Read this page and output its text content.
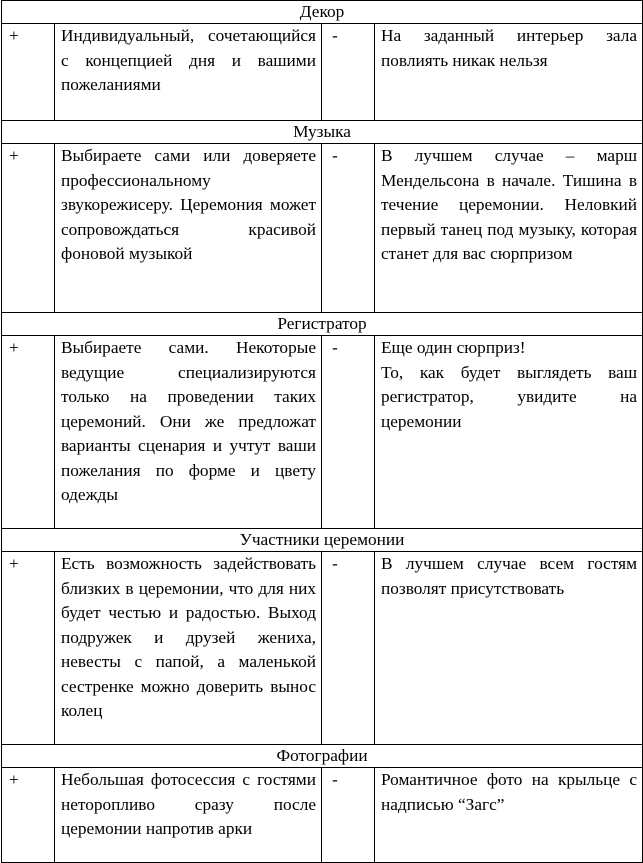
Декор			
+	Индивидуальный, сочетающийся с концепцией дня и вашими пожеланиями	-	На заданный интерьер зала повлиять никак нельзя
Музыка			
+	Выбираете сами или доверяете профессиональному звукорежисеру. Церемония может сопровождаться красивой фоновой музыкой	-	В лучшем случае – марш Мендельсона в начале. Тишина в течение церемонии. Неловкий первый танец под музыку, которая станет для вас сюрпризом
Регистратор			
+	Выбираете сами. Некоторые ведущие специализируются только на проведении таких церемоний. Они же предложат варианты сценария и учтут ваши пожелания по форме и цвету одежды	-	Еще один сюрприз!
То, как будет выглядеть ваш регистратор, увидите на церемонии

Участники церемонии			
+	Есть возможность задействовать близких в церемонии, что для них будет честью и радостью. Выход подружек и друзей жениха, невесты с папой, а маленькой сестренке можно доверить вынос колец	-	В лучшем случае всем гостям позволят присутствовать
Фотографии			
+	Небольшая фотосессия с гостями неторопливо сразу после церемонии напротив арки	-	Романтичное фото на крыльце с надписью “Загс”
